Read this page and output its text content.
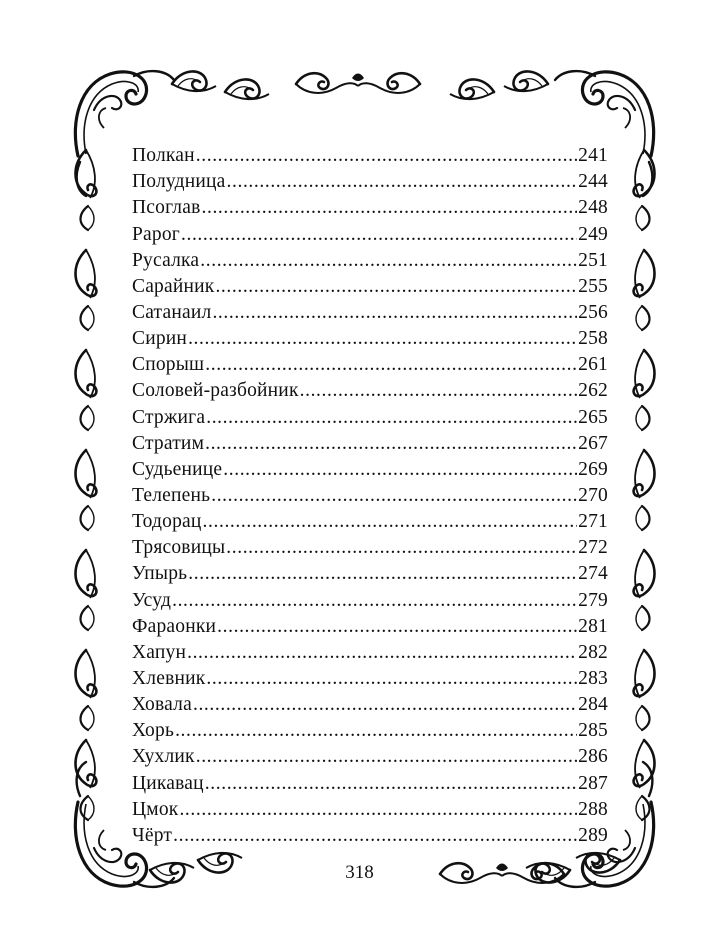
Полкан .....	241
Полудница .....	244
Псоглав .....	248
Рарог .....	249
Русалка .....	251
Сарайник .....	255
Сатанаил .....	256
Сирин .....	258
Спорыш .....	261
Соловей-разбойник .....	262
Стржига .....	265
Стратим .....	267
Судьенице .....	269
Телепень .....	270
Тодорац .....	271
Трясовицы .....	272
Упырь .....	274
Усуд .....	279
Фараонки .....	281
Хапун .....	282
Хлевник .....	283
Ховала .....	284
Хорь .....	285
Хухлик .....	286
Цикавац .....	287
Цмок .....	288
Чёрт .....	289
318
